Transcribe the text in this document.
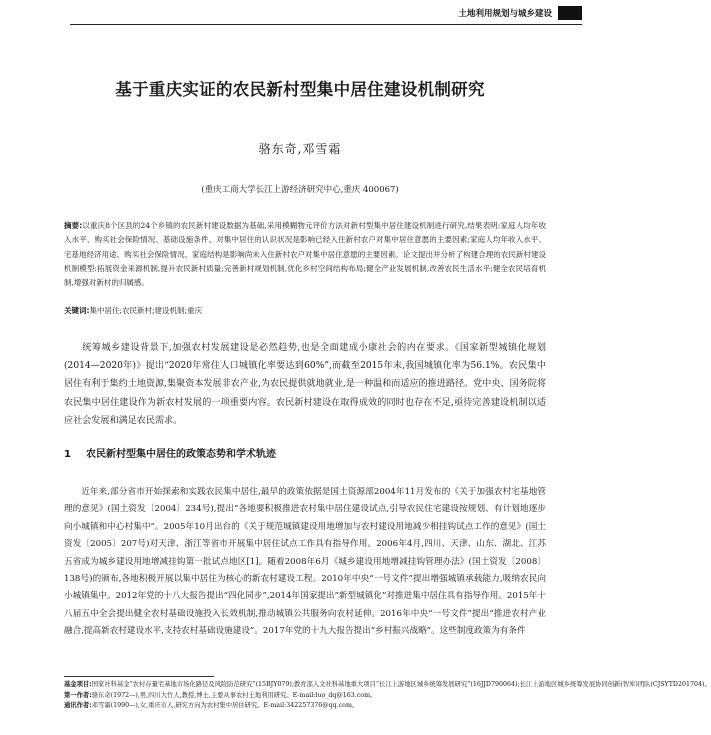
土地利用规划与城乡建设
基于重庆实证的农民新村型集中居住建设机制研究
骆东奇,邓雪霜
(重庆工商大学长江上游经济研究中心,重庆 400067)
摘要:以重庆8个区县的24个乡镇的农民新村建设数据为基础,采用模糊物元评价方法对新村型集中居住建设机制进行研究,结果表明:家庭人均年收入水平、购买社会保险情况、基础设施条件、对集中居住的认识状况是影响已经入住新村农户对集中居住意愿的主要因素;家庭人均年收入水平、宅基地经济用途、购买社会保险情况、家庭结构是影响尚未入住新村农户对集中居住意愿的主要因素。论文提出并分析了构建合理的农民新村建设机制模型:拓展资金来源机制,提升农民新村质量;完善新村规划机制,优化乡村空间结构布局;健全产业发展机制,改善农民生活水平;健全农民培育机制,增强对新村的归属感。
关键词:集中居住;农民新村;建设机制;重庆
统筹城乡建设背景下,加强农村发展建设是必然趋势,也是全面建成小康社会的内在要求。《国家新型城镇化规划(2014—2020年)》提出“2020年常住人口城镇化率要达到60%”,而截至2015年末,我国城镇化率为56.1%。农民集中居住有利于集约土地资源,集聚资本发展非农产业,为农民提供就地就业,是一种温和而适应的推进路径。党中央、国务院将农民集中居住建设作为新农村发展的一项重要内容。农民新村建设在取得成效的同时也存在不足,亟待完善建设机制以适应社会发展和满足农民需求。
1 农民新村型集中居住的政策态势和学术轨迹
近年来,部分省市开始探索和实践农民集中居住,最早的政策依据是国土资源部2004年11月发布的《关于加强农村宅基地管理的意见》(国土资发〔2004〕234号),提出“各地要积极推进农村集中居住建设试点,引导农民住宅建设按规划、有计划地逐步向小城镇和中心村集中”。2005年10月出台的《关于规范城镇建设用地增加与农村建设用地减少相挂钩试点工作的意见》(国土资发〔2005〕207号)对天津、浙江等省市开展集中居住试点工作具有指导作用。2006年4月,四川、天津、山东、湖北、江苏五省成为城乡建设用地增减挂钩第一批试点地区[1]。随着2008年6月《城乡建设用地增减挂钩管理办法》(国土资发〔2008〕138号)的颁布,各地积极开展以集中居住为核心的新农村建设工程。2010年中央“一号文件”提出增强城镇承载能力,吸纳农民向小城镇集中。2012年党的十八大报告提出“四化同步”,2014年国家提出“新型城镇化”对推进集中居住具有指导作用。2015年十八届五中全会提出健全农村基础设施投入长效机制,推动城镇公共服务向农村延伸。2016年中央“一号文件”提出“推进农村产业融合,提高新农村建设水平,支持农村基础设施建设”。2017年党的十九大报告提出“乡村振兴战略”。这些制度政策为有条件
基金项目:国家社科基金“农村存量宅基地市场化路径及风险防范研究”(15BJY079);教育部人文社科基地重大项目“长江上游地区城乡统筹发展研究”(16JJD790064);长江上游地区城乡统筹发展协同创新(智库)团队(CJSYTD201704)。
第一作者:骆东奇(1972—),男,四川大竹人,教授,博士,主要从事农村土地利用研究。E-mail:luo_dq@163.com。
通讯作者:邓雪霜(1990—),女,重庆市人,研究方向为农村集中居住研究。E-mail:342257376@qq.com。
